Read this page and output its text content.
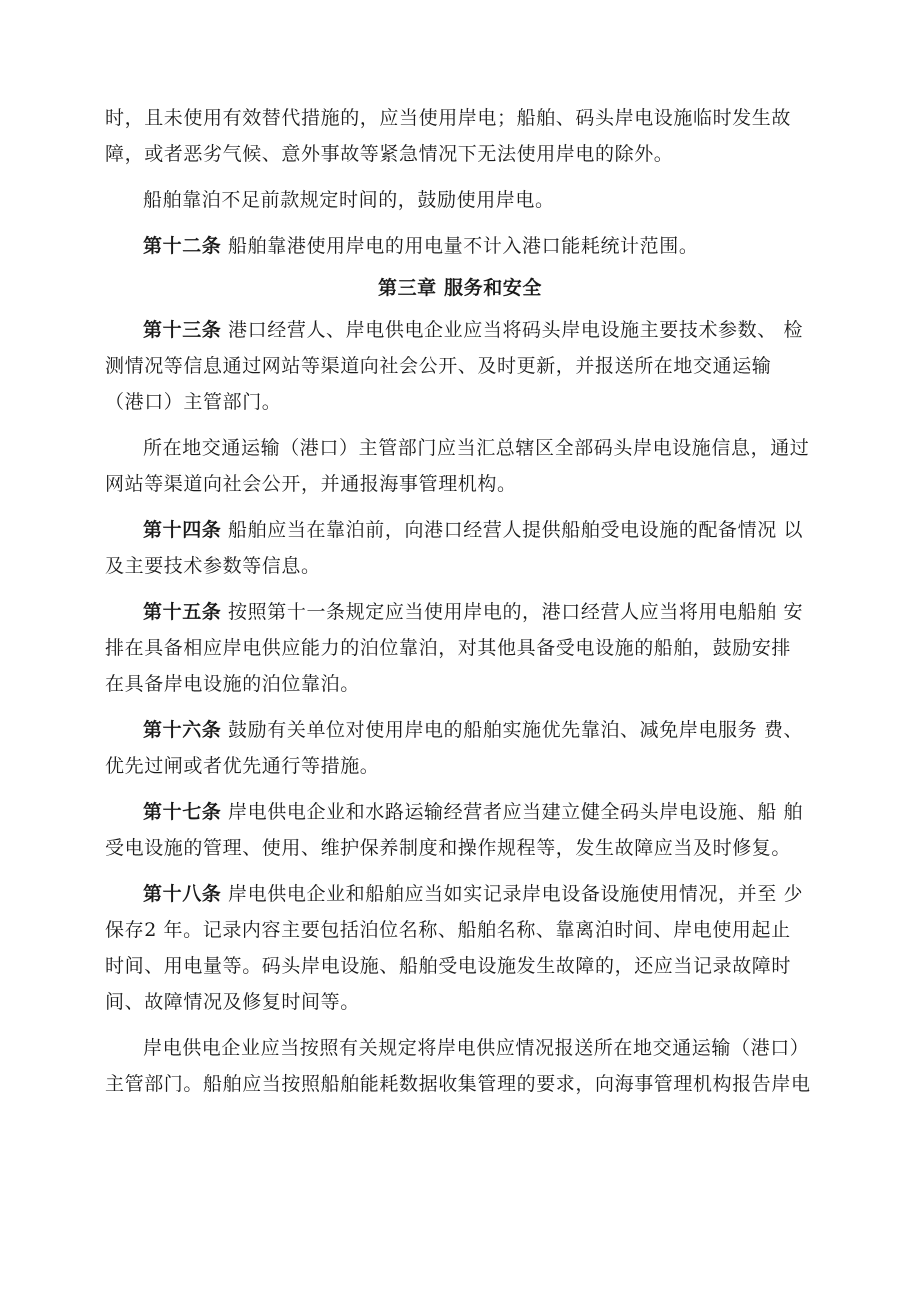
时，且未使用有效替代措施的，应当使用岸电；船舶、码头岸电设施临时发生故
障，或者恶劣气候、意外事故等紧急情况下无法使用岸电的除外。
船舶靠泊不足前款规定时间的，鼓励使用岸电。
第十二条 船舶靠港使用岸电的用电量不计入港口能耗统计范围。
第三章 服务和安全
第十三条 港口经营人、岸电供电企业应当将码头岸电设施主要技术参数、 检
测情况等信息通过网站等渠道向社会公开、及时更新，并报送所在地交通运输
（港口）主管部门。
所在地交通运输（港口）主管部门应当汇总辖区全部码头岸电设施信息，通过
网站等渠道向社会公开，并通报海事管理机构。
第十四条 船舶应当在靠泊前，向港口经营人提供船舶受电设施的配备情况 以
及主要技术参数等信息。
第十五条 按照第十一条规定应当使用岸电的，港口经营人应当将用电船舶 安
排在具备相应岸电供应能力的泊位靠泊，对其他具备受电设施的船舶，鼓励安排
在具备岸电设施的泊位靠泊。
第十六条 鼓励有关单位对使用岸电的船舶实施优先靠泊、减免岸电服务 费、
优先过闸或者优先通行等措施。
第十七条 岸电供电企业和水路运输经营者应当建立健全码头岸电设施、船 舶
受电设施的管理、使用、维护保养制度和操作规程等，发生故障应当及时修复。
第十八条 岸电供电企业和船舶应当如实记录岸电设备设施使用情况，并至 少
保存2 年。记录内容主要包括泊位名称、船舶名称、靠离泊时间、岸电使用起止
时间、用电量等。码头岸电设施、船舶受电设施发生故障的，还应当记录故障时
间、故障情况及修复时间等。
岸电供电企业应当按照有关规定将岸电供应情况报送所在地交通运输（港口）
主管部门。船舶应当按照船舶能耗数据收集管理的要求，向海事管理机构报告岸电
